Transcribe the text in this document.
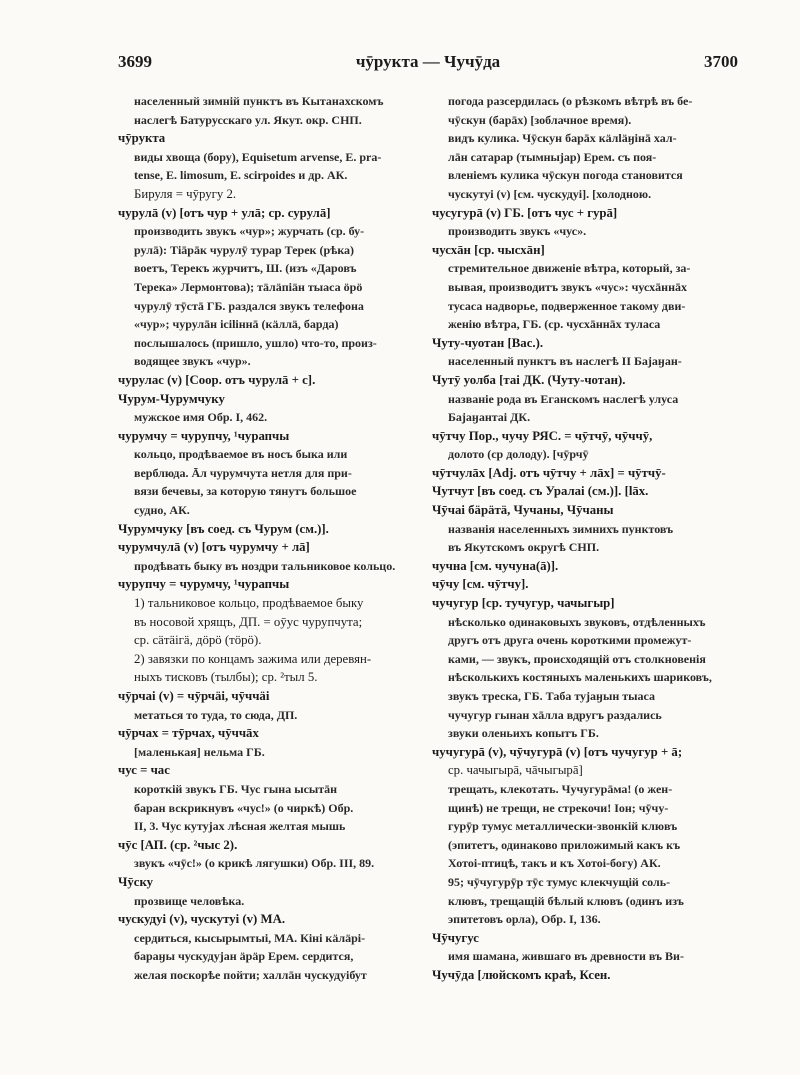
3699	чӯрукта — Чучӯда	3700

населенный зимній пунктъ въ Кытанахскомъ

наслегѣ Батурусскаго ул. Якут. окр. СНП.

чӯрукта

виды хвоща (бору), Equisetum arvense, E. pra-

tense, E. limosum, E. scirpoides и др. АК.

Бируля = чӯругу 2.

чурулā (v) [отъ чур + улā; ср. сурулā]

производить звукъ «чур»; журчать (ср. бу-

рулā): Тіāрāк чурулӯ турар Терек (рѣка)

воетъ, Терекъ журчитъ, Ш. (изъ «Даровъ

Терека» Лермонтова); тäлäпiäн тыаса öрö

чурулӯ тӯстā ГБ. раздался звукъ телефона

«чур»; чурулāн iciliннā (кäллä, барда)

послышалось (пришло, ушло) что-то, произ-

водящее звукъ «чур».

чурулас (v) [Соор. отъ чурулā + с].

Чурум-Чурумчуку

мужское имя Обр. I, 462.

чурумчу = чурупчу, ¹чурапчы

кольцо, продѣваемое въ носъ быка или

верблюда. Āл чурумчута нетля для при-

вязи бечевы, за которую тянутъ большое

судно, АК.

Чурумчуку [въ соед. съ Чурум (см.)].

чурумчулā (v) [отъ чурумчу + лā]

продѣвать быку въ ноздри тальниковое кольцо.

чурупчу = чурумчу, ¹чурапчы

1) тальниковое кольцо, продѣваемое быку

въ носовой хрящъ, ДП. = оӯус чурупчута;

ср. сäтäiгä, дöрö (тöрö).

2) завязки по концамъ зажима или деревян-

ныхъ тисковъ (тылбы); ср. ²тыл 5.

чӯрчаі (v) = чӯрчäі, чӯччäі

метаться то туда, то сюда, ДП.

чӯрчах = тӯрчах, чӯччāх

[маленькая] нельма ГБ.

чус = час

короткій звукъ ГБ. Чус гына ысытāн

баран вскрикнувъ «чус!» (о чиркѣ) Обр.

II, 3. Чус кутуjах лѣсная желтая мышь

чӯс [АП. (ср. ²чыс 2).

звукъ «чӯс!» (о крикѣ лягушки) Обр. III, 89.

Чӯску

прозвище человѣка.

чускудуі (v), чускутуі (v) МА.

сердиться, кысырымтыі, МА. Кіні кäлäрi-

бараӈы чускудуjан äрäр Ерем. сердится,

желая поскорѣе пойти; халлāн чускудуібут

погода разсердилась (о рѣзкомъ вѣтрѣ въ бе-

чӯскун (барāх) [зоблачное время).

видъ кулика. Чӯскун барāх кäлläӈiнā хал-

лāн сатарар (тымныjар) Ерем. съ поя-

вленіемъ кулика чӯскун погода становится

чускутуі (v) [см. чускудуі]. [холодною.

чусугурā (v) ГБ. [отъ чус + гурā]

производить звукъ «чус».

чусхāн [ср. чысхāн]

стремительное движеніе вѣтра, который, за-

вывая, производитъ звукъ «чус»: чусхāннāх

тусаса надворье, подверженное такому дви-

женію вѣтра, ГБ. (ср. чусхāннāх туласа

Чуту-чуотан [Вас.).

населенный пунктъ въ наслегѣ II Баjаӈан-

Чутӯ уолба [таі ДК. (Чуту-чотан).

названіе рода въ Еганскомъ наслегѣ улуса

Баjаӈантаі ДК.

чӯтчу Пор., чучу РЯС. = чӯтчӯ, чӯччӯ,

долото (ср долоду). [чӯрчӯ

чӯтчулāх [Adj. отъ чӯтчу + лāх] = чӯтчӯ-

Чутчут [въ соед. съ Уралаі (см.)]. [lāх.

Чӯчаі бäрäтä, Чучаны, Чӯчаны

названія населенныхъ зимнихъ пунктовъ

въ Якутскомъ округѣ СНП.

чучна [см. чучуна(ā)].

чӯчу [см. чӯтчу].

чучугур [ср. тучугур, чачыгыр]

нѣсколько одинаковыхъ звуковъ, отдѣленныхъ

другъ отъ друга очень короткими промежут-

ками, — звукъ, происходящій отъ столкновенія

нѣсколькихъ костяныхъ маленькихъ шариковъ,

звукъ треска, ГБ. Таба туjаӈын тыаса

чучугур гынан хāлла вдругъ раздались

звуки оленьихъ копытъ ГБ.

чучугурā (v), чӯчугурā (v) [отъ чучугур + ā;

ср. чачыгырā, чāчыгырā]

трещать, клекотать. Чучугурāма! (о жен-

щинѣ) не трещи, не стрекочи! Іон; чӯчу-

гурӯр тумус металлически-звонкій клювъ

(эпитетъ, одинаково приложимый какъ къ

Хотоі-птицѣ, такъ и къ Хотоі-богу) АК.

95; чӯчугурӯр тӯс тумус клекчущій соль-

клювъ, трещащій бѣлый клювъ (одинъ изъ

эпитетовъ орла), Обр. I, 136.

Чӯчугус

имя шамана, жившаго въ древности въ Ви-

Чучӯда [люйскомъ краѣ, Ксен.
